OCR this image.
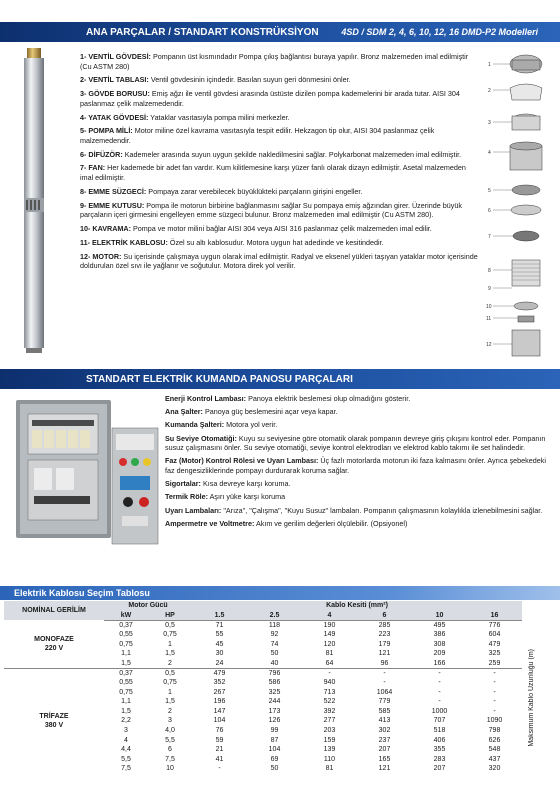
ANA PARÇALAR / STANDART KONSTRÜKSİYON	4SD / SDM 2, 4, 6, 10, 12, 16 DMD-P2 Modelleri
1- VENTİL GÖVDESİ: Pompanın üst kısmındadır Pompa çıkış bağlantısı buraya yapılır. Bronz malzemeden imal edilmiştir (Cu ASTM 280)
2- VENTİL TABLASI: Ventil gövdesinin içindedir. Basılan suyun geri dönmesini önler.
3- GÖVDE BORUSU: Emiş ağzı ile ventil gövdesi arasında üstüste dizilen pompa kademelerini bir arada tutar. AISI 304 paslanmaz çelik malzemedendir.
4- YATAK GÖVDESİ: Yataklar vasıtasıyla pompa milini merkezler.
5- POMPA MİLİ: Motor miline özel kavrama vasıtasıyla tespit edilir. Hekzagon tip olur, AISI 304 paslanmaz çelik malzemedendir.
6- DİFÜZÖR: Kademeler arasında suyun uygun şekilde nakledilmesini sağlar. Polykarbonat malzemeden imal edilmiştir.
7- FAN: Her kademede bir adet fan vardır. Kum kilitlemesine karşı yüzer fanlı olarak dizayn edilmiştir. Asetal malzemeden imal edilmiştir.
8- EMME SÜZGECİ: Pompaya zarar verebilecek büyüklükteki parçaların girişini engeller.
9- EMME KUTUSU: Pompa ile motorun birbirine bağlanmasını sağlar Su pompaya emiş ağzından girer. Üzerinde büyük parçaların içeri girmesini engelleyen emme süzgeci bulunur. Bronz malzemeden imal edilmiştir (Cu ASTM 280).
10- KAVRAMA: Pompa ve motor milini bağlar AISI 304 veya AISI 316 paslanmaz çelik malzemeden imal edilir.
11- ELEKTRİK KABLOSU: Özel su altı kablosudur. Motora uygun hat adedinde ve kesitindedir.
12- MOTOR: Su içerisinde çalışmaya uygun olarak imal edilmiştir. Radyal ve eksenel yükleri taşıyan yataklar motor içerisinde doldurulan özel sıvı ile yağlanır ve soğutulur. Motora direk yol verilir.
1
2
3
4
5
6
7
8
9
10
11
12
STANDART ELEKTRİK KUMANDA PANOSU PARÇALARI
Enerji Kontrol Lambası: Panoya elektrik beslemesi olup olmadığını gösterir.
Ana Şalter: Panoya güç beslemesini açar veya kapar.
Kumanda Şalteri: Motora yol verir.
Su Seviye Otomatiği: Kuyu su seviyesine göre otomatik olarak pompanın devreye giriş çıkışını kontrol eder. Pompanın susuz çalışmasını önler. Su seviye otomatiği, seviye kontrol elektrodları ve elektrod kablo takımı ile set halindedir.
Faz (Motor) Kontrol Rölesi ve Uyarı Lambası: Üç fazlı motorlarda motorun iki faza kalmasını önler. Ayrıca şebekedeki faz dengesizliklerinde pompayı durdurarak koruma sağlar.
Sigortalar: Kısa devreye karşı koruma.
Termik Röle: Aşırı yüke karşı koruma
Uyarı Lambaları: "Arıza", "Çalışma", "Kuyu Susuz" lambaları. Pompanın çalışmasının kolaylıkla izlenebilmesini sağlar.
Ampermetre ve Voltmetre: Akım ve gerilim değerleri ölçülebilir. (Opsiyonel)
Elektrik Kablosu Seçim Tablosu
NOMİNAL GERİLİM	Motor Gücü		Kablo Kesiti (mm²)					
	kW	HP	1.5	2.5	4	6	10	16

MONOFAZE
220 V	0,37	0,5	71	118	190	285	495	776
	0,55	0,75	55	92	149	223	386	604
	0,75	1	45	74	120	179	308	479
	1,1	1,5	30	50	81	121	209	325
	1,5	2	24	40	64	96	166	259

TRİFAZE
380 V	0,37	0,5	479	796	-	-	-	-
	0,55	0,75	352	586	940	-	-	-
	0,75	1	267	325	713	1064	-	-
	1,1	1,5	196	244	522	779	-	-
	1,5	2	147	173	392	585	1000	-
	2,2	3	104	126	277	413	707	1090
	3	4,0	76	99	203	302	518	798
	4	5,5	59	87	159	237	406	626
	4,4	6	21	104	139	207	355	548
	5,5	7,5	41	69	110	165	283	437
	7,5	10	-	50	81	121	207	320
Maksimum Kablo Uzunluğu (m)
